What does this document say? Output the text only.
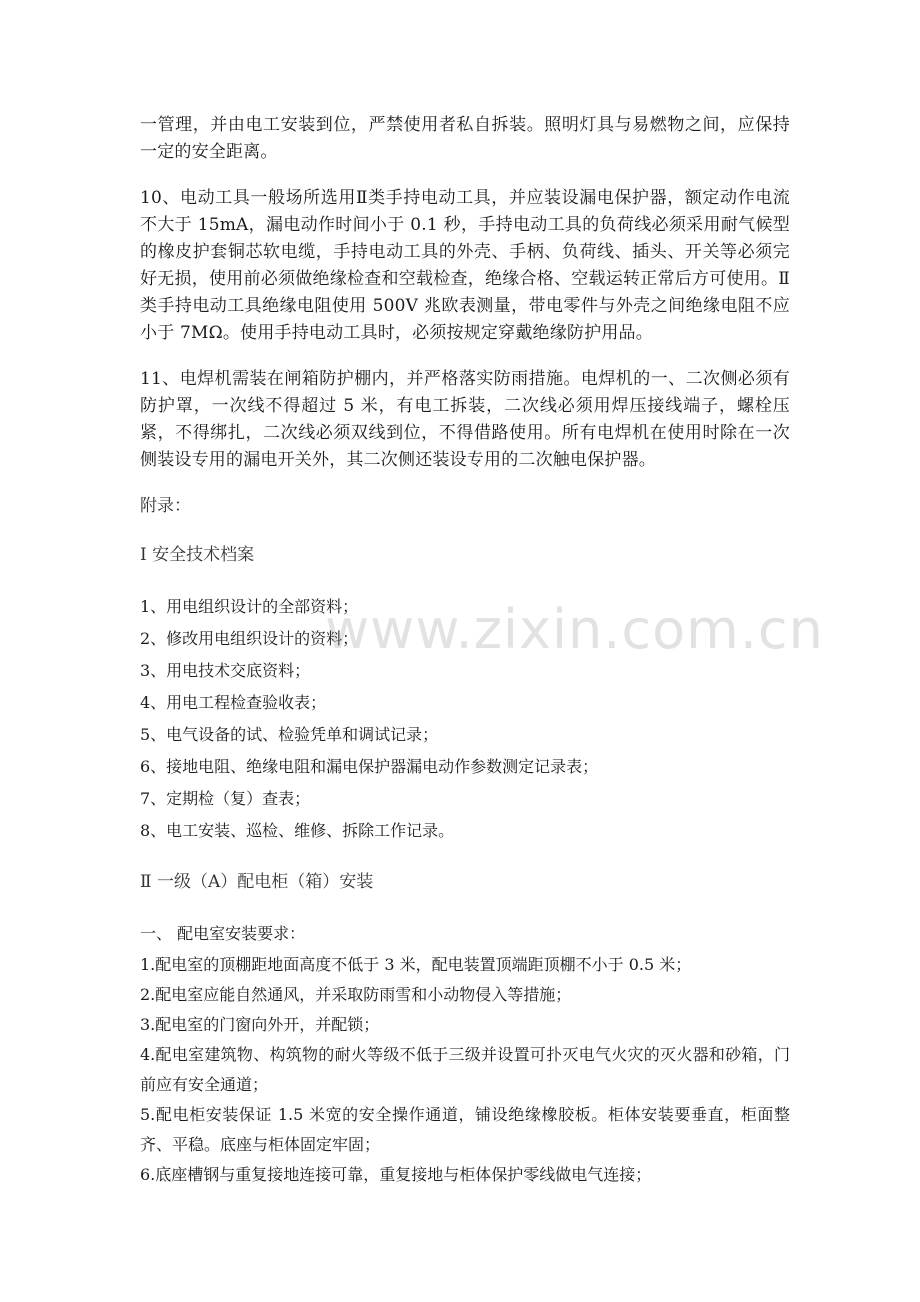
一管理，并由电工安装到位，严禁使用者私自拆装。照明灯具与易燃物之间，应保持一定的安全距离。

10、电动工具一般场所选用Ⅱ类手持电动工具，并应装设漏电保护器，额定动作电流不大于 15mA，漏电动作时间小于 0.1 秒，手持电动工具的负荷线必须采用耐气候型的橡皮护套铜芯软电缆，手持电动工具的外壳、手柄、负荷线、插头、开关等必须完好无损，使用前必须做绝缘检查和空载检查，绝缘合格、空载运转正常后方可使用。Ⅱ类手持电动工具绝缘电阻使用 500V 兆欧表测量，带电零件与外壳之间绝缘电阻不应小于 7MΩ。使用手持电动工具时，必须按规定穿戴绝缘防护用品。

11、电焊机需装在闸箱防护棚内，并严格落实防雨措施。电焊机的一、二次侧必须有防护罩，一次线不得超过 5 米，有电工拆装，二次线必须用焊压接线端子，螺栓压紧，不得绑扎，二次线必须双线到位，不得借路使用。所有电焊机在使用时除在一次侧装设专用的漏电开关外，其二次侧还装设专用的二次触电保护器。

附录：

Ⅰ 安全技术档案

1、用电组织设计的全部资料；

2、修改用电组织设计的资料；

3、用电技术交底资料；

4、用电工程检查验收表；

5、电气设备的试、检验凭单和调试记录；

6、接地电阻、绝缘电阻和漏电保护器漏电动作参数测定记录表；

7、定期检（复）查表；

8、电工安装、巡检、维修、拆除工作记录。

Ⅱ 一级（A）配电柜（箱）安装

一、 配电室安装要求：

1.配电室的顶棚距地面高度不低于 3 米，配电装置顶端距顶棚不小于 0.5 米；

2.配电室应能自然通风，并采取防雨雪和小动物侵入等措施；

3.配电室的门窗向外开，并配锁；

4.配电室建筑物、构筑物的耐火等级不低于三级并设置可扑灭电气火灾的灭火器和砂箱，门前应有安全通道；

5.配电柜安装保证 1.5 米宽的安全操作通道，铺设绝缘橡胶板。柜体安装要垂直，柜面整齐、平稳。底座与柜体固定牢固；

6.底座槽钢与重复接地连接可靠，重复接地与柜体保护零线做电气连接；

www.zixin.com.cn
